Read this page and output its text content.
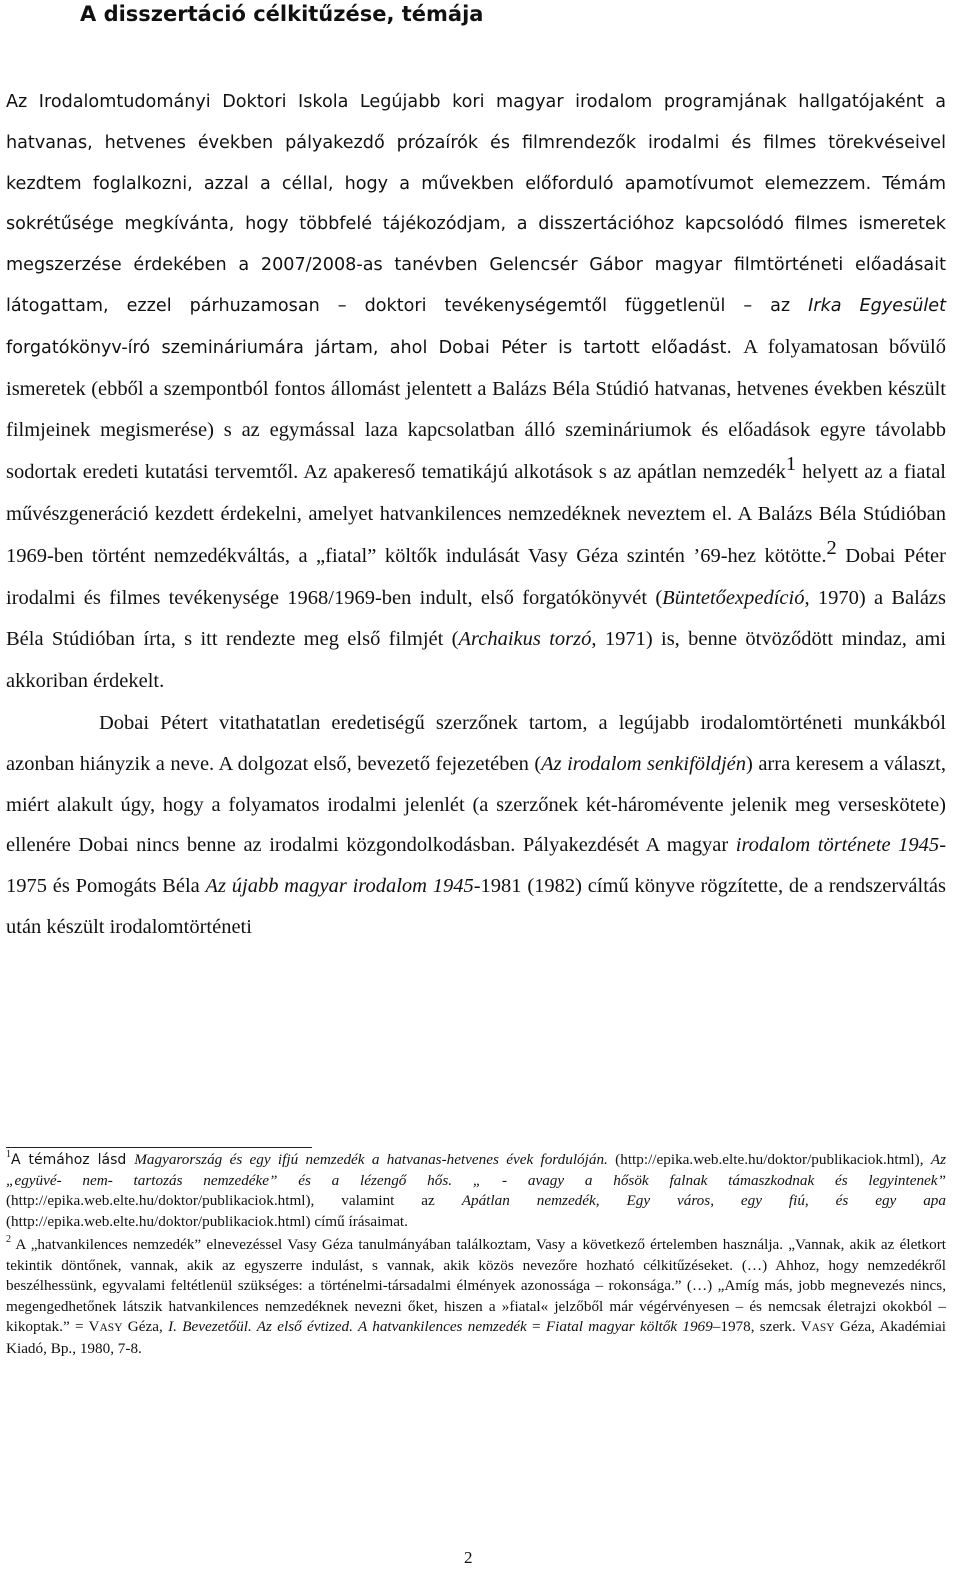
A disszertáció célkitűzése, témája

Az Irodalomtudományi Doktori Iskola Legújabb kori magyar irodalom programjának hallgatójaként a hatvanas, hetvenes években pályakezdő prózaírók és filmrendezők irodalmi és filmes törekvéseivel kezdtem foglalkozni, azzal a céllal, hogy a művekben előforduló apamotívumot elemezzem. Témám sokrétűsége megkívánta, hogy többfelé tájékozódjam, a disszertációhoz kapcsolódó filmes ismeretek megszerzése érdekében a 2007/2008-as tanévben Gelencsér Gábor magyar filmtörténeti előadásait látogattam, ezzel párhuzamosan – doktori tevékenységemtől függetlenül – az Irka Egyesület forgatókönyv-író szemináriumára jártam, ahol Dobai Péter is tartott előadást. A folyamatosan bővülő ismeretek (ebből a szempontból fontos állomást jelentett a Balázs Béla Stúdió hatvanas, hetvenes években készült filmjeinek megismerése) s az egymással laza kapcsolatban álló szemináriumok és előadások egyre távolabb sodortak eredeti kutatási tervemtől. Az apakereső tematikájú alkotások s az apátlan nemzedék$^1$ helyett az a fiatal művészgeneráció kezdett érdekelni, amelyet hatvankilences nemzedéknek neveztem el. A Balázs Béla Stúdióban 1969-ben történt nemzedékváltás, a „fiatal” költők indulását Vasy Géza szintén ’69-hez kötötte.$^2$ Dobai Péter irodalmi és filmes tevékenysége 1968/1969-ben indult, első forgatókönyvét (Büntetőexpedíció, 1970) a Balázs Béla Stúdióban írta, s itt rendezte meg első filmjét (Archaikus torzó, 1971) is, benne ötvöződött mindaz, ami akkoriban érdekelt.

Dobai Pétert vitathatatlan eredetiségű szerzőnek tartom, a legújabb irodalomtörténeti munkákból azonban hiányzik a neve. A dolgozat első, bevezető fejezetében (Az irodalom senkiföldjén) arra keresem a választ, miért alakult úgy, hogy a folyamatos irodalmi jelenlét (a szerzőnek két-háromévente jelenik meg verseskötete) ellenére Dobai nincs benne az irodalmi közgondolkodásban. Pályakezdését A magyar irodalom története 1945-1975 és Pomogáts Béla Az újabb magyar irodalom 1945-1981 (1982) című könyve rögzítette, de a rendszerváltás után készült irodalomtörténeti

$^1$A témához lásd Magyarország és egy ifjú nemzedék a hatvanas-hetvenes évek fordulóján. (http://epika.web.elte.hu/doktor/publikaciok.html), Az „együvé- nem- tartozás nemzedéke” és a lézengő hős. „ - avagy a hősök falnak támaszkodnak és legyintenek” (http://epika.web.elte.hu/doktor/publikaciok.html), valamint az Apátlan nemzedék, Egy város, egy fiú, és egy apa (http://epika.web.elte.hu/doktor/publikaciok.html) című írásaimat.

$^2$ A „hatvankilences nemzedék” elnevezéssel Vasy Géza tanulmányában találkoztam, Vasy a következő értelemben használja. „Vannak, akik az életkort tekintik döntőnek, vannak, akik az egyszerre indulást, s vannak, akik közös nevezőre hozható célkitűzéseket. (…) Ahhoz, hogy nemzedékről beszélhessünk, egyvalami feltétlenül szükséges: a történelmi-társadalmi élmények azonossága – rokonsága.” (…) „Amíg más, jobb megnevezés nincs, megengedhetőnek látszik hatvankilences nemzedéknek nevezni őket, hiszen a »fiatal« jelzőből már végérvényesen – és nemcsak életrajzi okokból – kikoptak.” = VASY Géza, I. Bevezetőül. Az első évtized. A hatvankilences nemzedék = Fiatal magyar költők 1969–1978, szerk. VASY Géza, Akadémiai Kiadó, Bp., 1980, 7-8.

2
